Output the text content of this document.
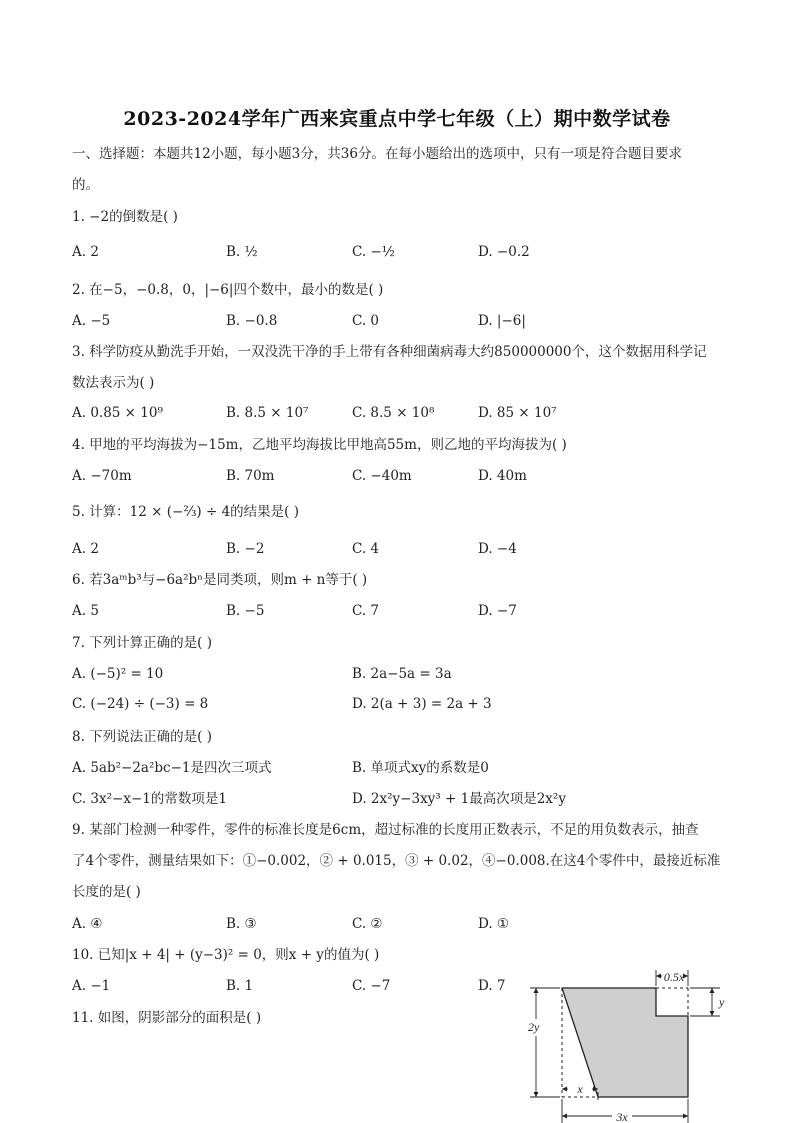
2023-2024学年广西来宾重点中学七年级（上）期中数学试卷
一、选择题：本题共12小题，每小题3分，共36分。在每小题给出的选项中，只有一项是符合题目要求
的。
1. −2的倒数是( )
A. 2	B. ½	C. −½	D. −0.2
2. 在−5，−0.8，0，|−6|四个数中，最小的数是( )
A. −5	B. −0.8	C. 0	D. |−6|
3. 科学防疫从勤洗手开始，一双没洗干净的手上带有各种细菌病毒大约850000000个，这个数据用科学记
数法表示为( )
A. 0.85 × 10⁹	B. 8.5 × 10⁷	C. 8.5 × 10⁸	D. 85 × 10⁷
4. 甲地的平均海拔为−15m，乙地平均海拔比甲地高55m，则乙地的平均海拔为( )
A. −70m	B. 70m	C. −40m	D. 40m
5. 计算：12 × (−⅔) ÷ 4的结果是( )
A. 2	B. −2	C. 4	D. −4
6. 若3aᵐb³与−6a²bⁿ是同类项，则m + n等于( )
A. 5	B. −5	C. 7	D. −7
7. 下列计算正确的是( )
A. (−5)² = 10	B. 2a−5a = 3a
C. (−24) ÷ (−3) = 8	D. 2(a + 3) = 2a + 3
8. 下列说法正确的是( )
A. 5ab²−2a²bc−1是四次三项式	B. 单项式xy的系数是0
C. 3x²−x−1的常数项是1	D. 2x²y−3xy³ + 1最高次项是2x²y
9. 某部门检测一种零件，零件的标准长度是6cm，超过标准的长度用正数表示，不足的用负数表示，抽查
了4个零件，测量结果如下：①−0.002，② + 0.015，③ + 0.02，④−0.008.在这4个零件中，最接近标准
长度的是( )
A. ④	B. ③	C. ②	D. ①
10. 已知|x + 4| + (y−3)² = 0，则x + y的值为( )
A. −1	B. 1	C. −7	D. 7
11. 如图，阴影部分的面积是( )
0.5x
y
2y
x
3x
